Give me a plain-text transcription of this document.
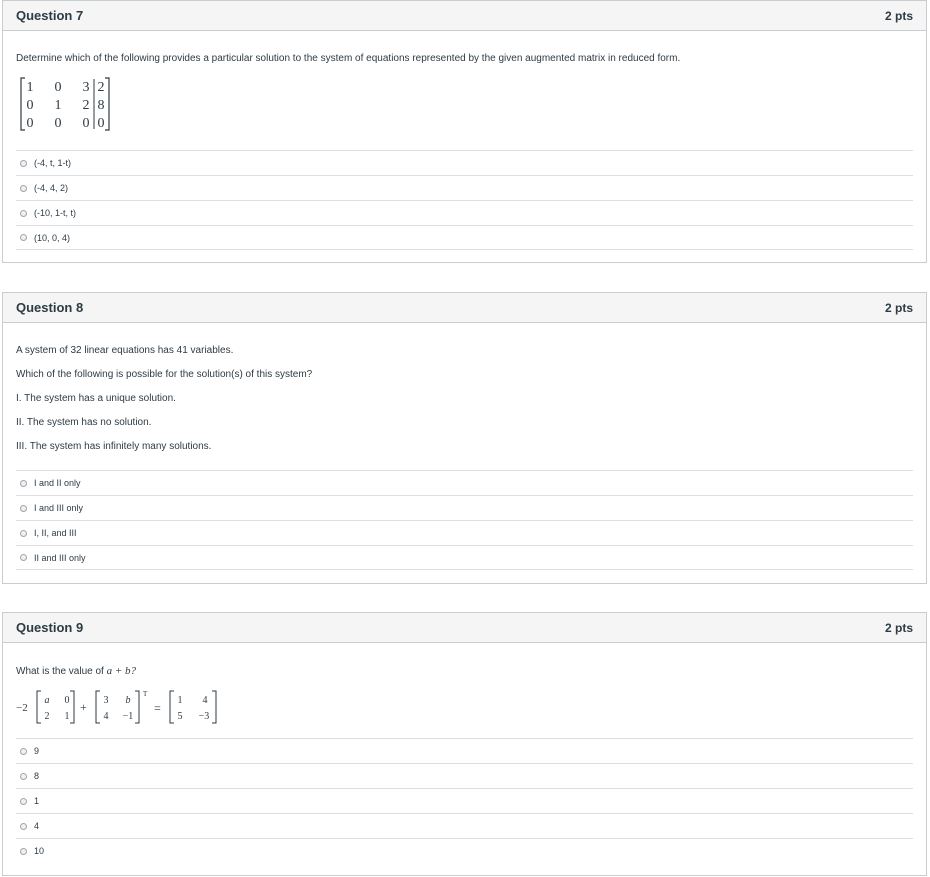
Question 7	2 pts

Determine which of the following provides a particular solution to the system of equations represented by the given augmented matrix in reduced form.

1 0 3 2
0 1 2 8
0 0 0 0
(-4, t, 1-t)
(-4, 4, 2)
(-10, 1-t, t)
(10, 0, 4)
Question 8	2 pts

A system of 32 linear equations has 41 variables.

Which of the following is possible for the solution(s) of this system?

I. The system has a unique solution.

II. The system has no solution.

III. The system has infinitely many solutions.

I and II only
I and III only
I, II, and III
II and III only
Question 9	2 pts

What is the value of a + b?

−2
a 0
2 1
+ 3 b
4 −1
T
=
1 4
5 −3
9
8
1
4
10
